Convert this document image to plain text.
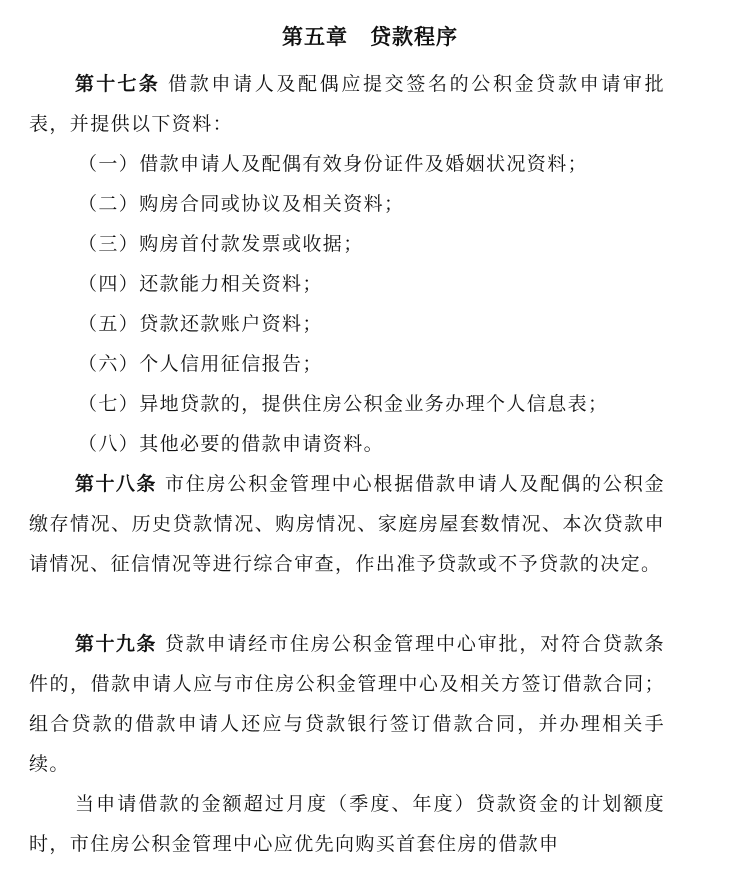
第五章 贷款程序

第十七条 借款申请人及配偶应提交签名的公积金贷款申请审批表，并提供以下资料：

（一）借款申请人及配偶有效身份证件及婚姻状况资料；
（二）购房合同或协议及相关资料；
（三）购房首付款发票或收据；
（四）还款能力相关资料；
（五）贷款还款账户资料；
（六）个人信用征信报告；
（七）异地贷款的，提供住房公积金业务办理个人信息表；
（八）其他必要的借款申请资料。

第十八条 市住房公积金管理中心根据借款申请人及配偶的公积金缴存情况、历史贷款情况、购房情况、家庭房屋套数情况、本次贷款申请情况、征信情况等进行综合审查，作出准予贷款或不予贷款的决定。

第十九条 贷款申请经市住房公积金管理中心审批，对符合贷款条件的，借款申请人应与市住房公积金管理中心及相关方签订借款合同；组合贷款的借款申请人还应与贷款银行签订借款合同，并办理相关手续。

当申请借款的金额超过月度（季度、年度）贷款资金的计划额度时，市住房公积金管理中心应优先向购买首套住房的借款申
